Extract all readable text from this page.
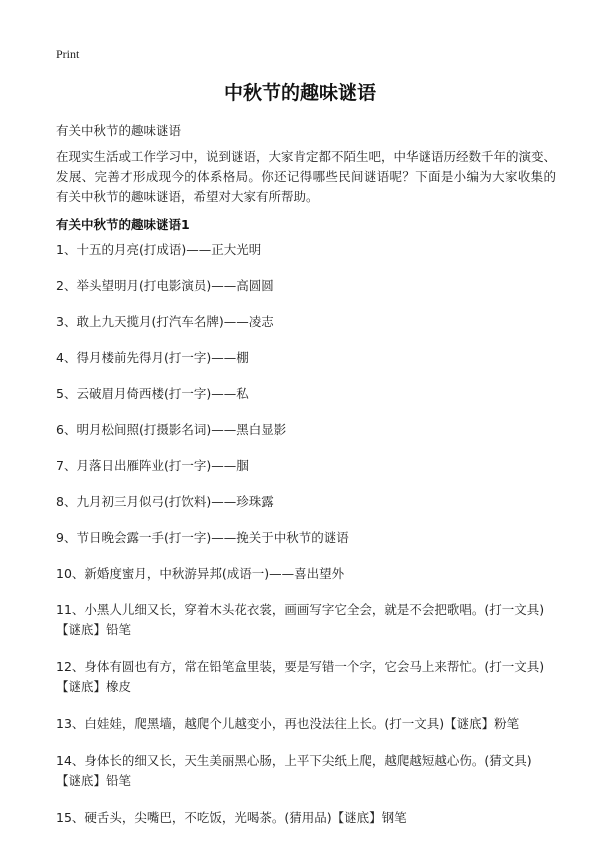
Print
中秋节的趣味谜语
有关中秋节的趣味谜语
在现实生活或工作学习中，说到谜语，大家肯定都不陌生吧，中华谜语历经数千年的演变、发展、完善才形成现今的体系格局。你还记得哪些民间谜语呢？下面是小编为大家收集的 有关中秋节的趣味谜语，希望对大家有所帮助。
有关中秋节的趣味谜语1
1、十五的月亮(打成语)——正大光明
2、举头望明月(打电影演员)——高圆圆
3、敢上九天揽月(打汽车名牌)——凌志
4、得月楼前先得月(打一字)——棚
5、云破眉月倚西楼(打一字)——私
6、明月松间照(打摄影名词)——黑白显影
7、月落日出雁阵业(打一字)——腘
8、九月初三月似弓(打饮料)——珍珠露
9、节日晚会露一手(打一字)——挽关于中秋节的谜语
10、新婚度蜜月，中秋游异邦(成语一)——喜出望外
11、小黑人儿细又长，穿着木头花衣裳，画画写字它全会，就是不会把歌唱。(打一文具)【谜底】铅笔
12、身体有圆也有方，常在铅笔盒里装，要是写错一个字，它会马上来帮忙。(打一文具)【谜底】橡皮
13、白娃娃，爬黑墙，越爬个儿越变小，再也没法往上长。(打一文具)【谜底】粉笔
14、身体长的细又长，天生美丽黑心肠，上平下尖纸上爬，越爬越短越心伤。(猜文具)【谜底】铅笔
15、硬舌头，尖嘴巴，不吃饭，光喝茶。(猜用品)【谜底】钢笔
